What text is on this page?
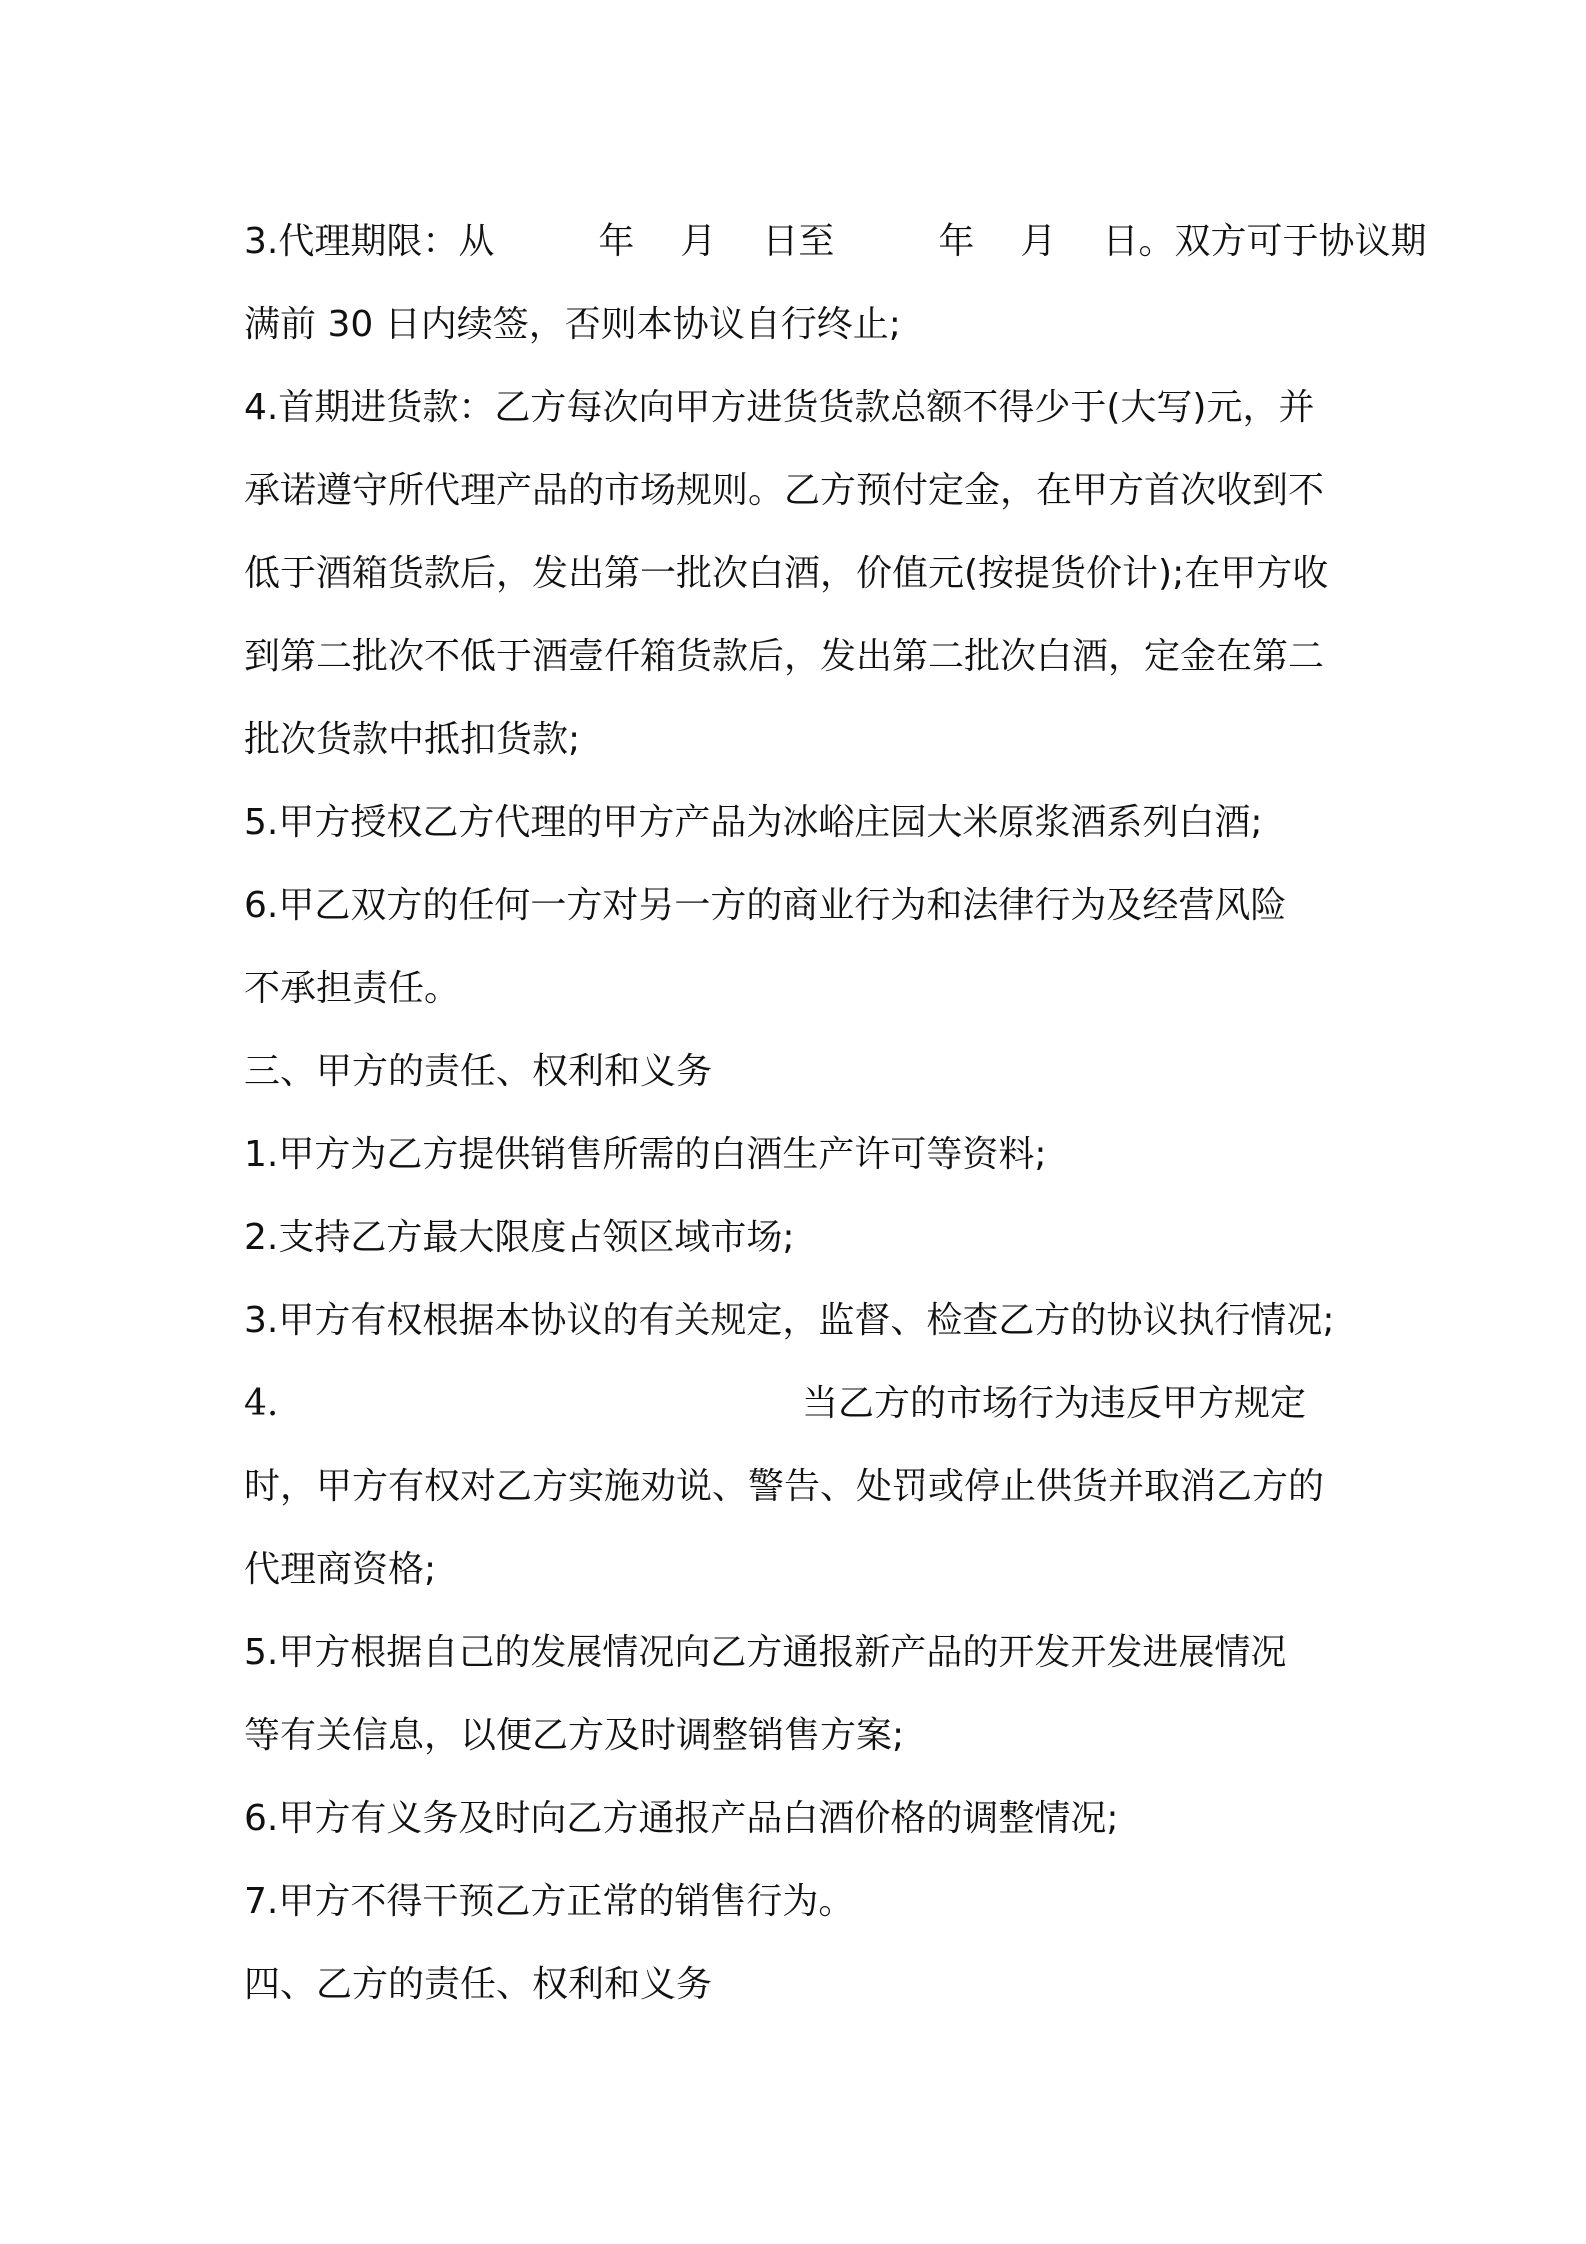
3.代理期限：从	年 月 日至	年 月 日。双方可于协议期
满前 30 日内续签，否则本协议自行终止;
4.首期进货款：乙方每次向甲方进货货款总额不得少于(大写)元，并
承诺遵守所代理产品的市场规则。乙方预付定金，在甲方首次收到不
低于酒箱货款后，发出第一批次白酒，价值元(按提货价计);在甲方收
到第二批次不低于酒壹仟箱货款后，发出第二批次白酒，定金在第二
批次货款中抵扣货款;
5.甲方授权乙方代理的甲方产品为冰峪庄园大米原浆酒系列白酒;
6.甲乙双方的任何一方对另一方的商业行为和法律行为及经营风险
不承担责任。
三、甲方的责任、权利和义务
1.甲方为乙方提供销售所需的白酒生产许可等资料;
2.支持乙方最大限度占领区域市场;
3.甲方有权根据本协议的有关规定，监督、检查乙方的协议执行情况;
4.	当乙方的市场行为违反甲方规定
时，甲方有权对乙方实施劝说、警告、处罚或停止供货并取消乙方的
代理商资格;
5.甲方根据自己的发展情况向乙方通报新产品的开发开发进展情况
等有关信息，以便乙方及时调整销售方案;
6.甲方有义务及时向乙方通报产品白酒价格的调整情况;
7.甲方不得干预乙方正常的销售行为。
四、乙方的责任、权利和义务
